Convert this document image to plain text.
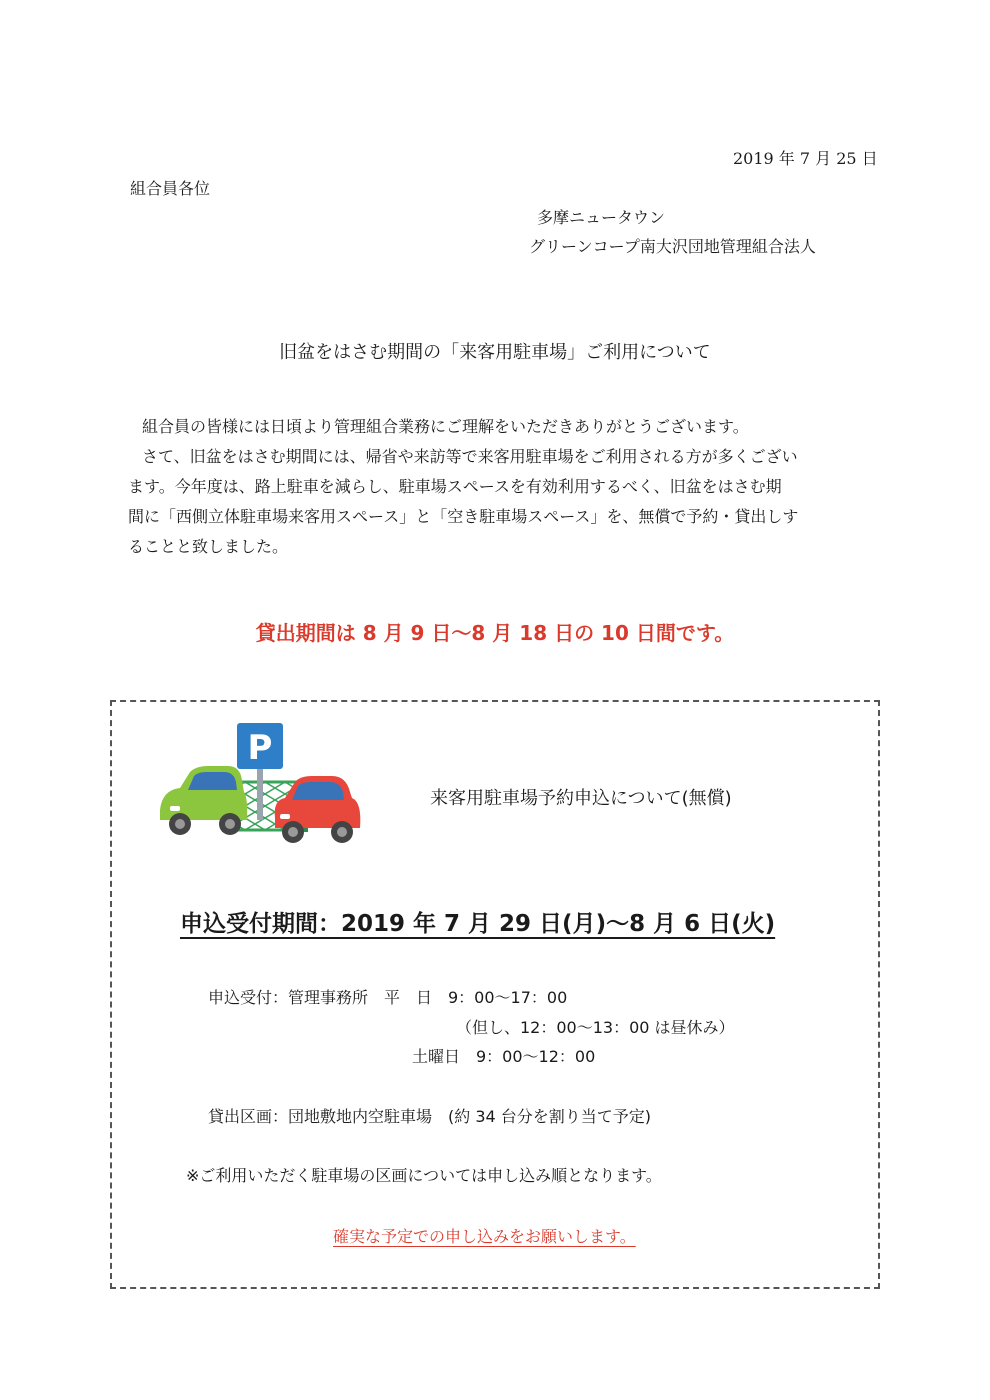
2019 年 7 月 25 日
組合員各位
多摩ニュータウン
グリーンコープ南大沢団地管理組合法人
旧盆をはさむ期間の「来客用駐車場」ご利用について

組合員の皆様には日頃より管理組合業務にご理解をいただきありがとうございます。

さて、旧盆をはさむ期間には、帰省や来訪等で来客用駐車場をご利用される方が多くござい

ます。今年度は、路上駐車を減らし、駐車場スペースを有効利用するべく、旧盆をはさむ期

間に「西側立体駐車場来客用スペース」と「空き駐車場スペース」を、無償で予約・貸出しす

ることと致しました。

貸出期間は 8 月 9 日～8 月 18 日の 10 日間です。
P
来客用駐車場予約申込について(無償)
申込受付期間：2019 年 7 月 29 日(月)～8 月 6 日(火)
申込受付：管理事務所　平　日　9：00～17：00
（但し、12：00～13：00 は昼休み）
土曜日　9：00～12：00
貸出区画：団地敷地内空駐車場　(約 34 台分を割り当て予定)
※ご利用いただく駐車場の区画については申し込み順となります。
確実な予定での申し込みをお願いします。
